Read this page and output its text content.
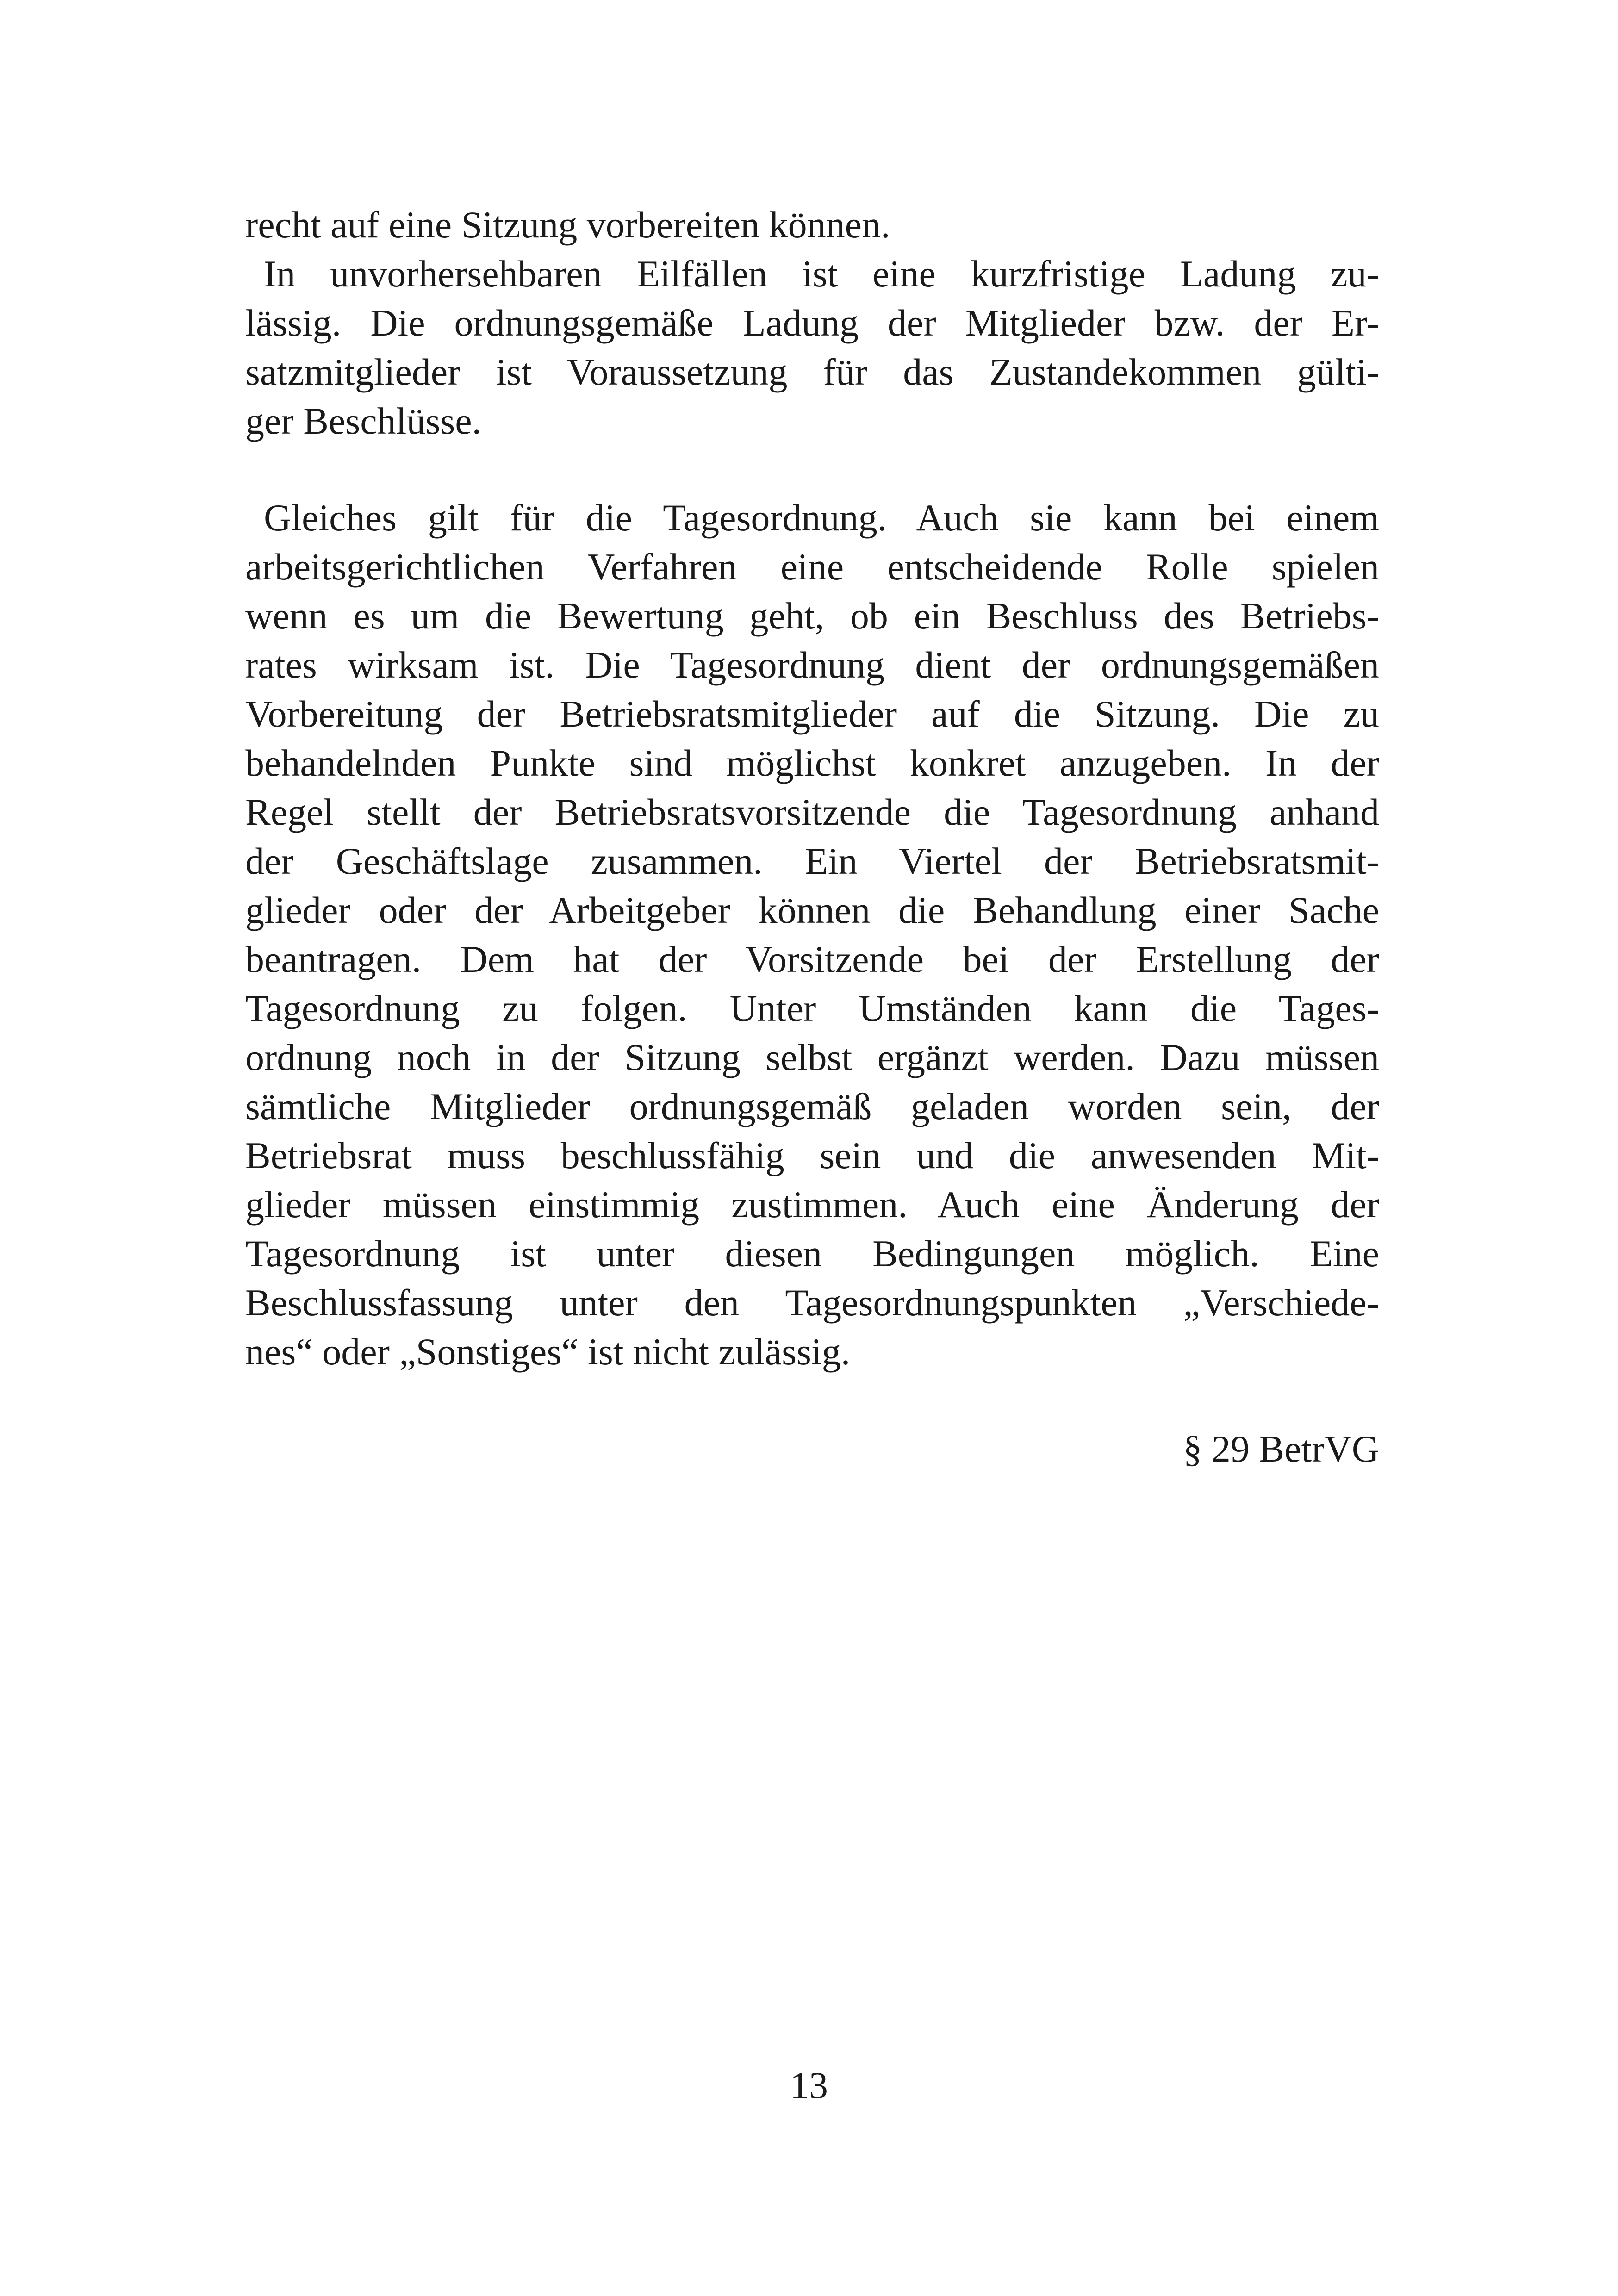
recht auf eine Sitzung vorbereiten können.

In unvorhersehbaren Eilfällen ist eine kurzfristige Ladung zu-
lässig. Die ordnungsgemäße Ladung der Mitglieder bzw. der Er-
satzmitglieder ist Voraussetzung für das Zustandekommen gülti-
ger Beschlüsse.

Gleiches gilt für die Tagesordnung. Auch sie kann bei einem
arbeitsgerichtlichen Verfahren eine entscheidende Rolle spielen
wenn es um die Bewertung geht, ob ein Beschluss des Betriebs-
rates wirksam ist. Die Tagesordnung dient der ordnungsgemäßen
Vorbereitung der Betriebsratsmitglieder auf die Sitzung. Die zu
behandelnden Punkte sind möglichst konkret anzugeben. In der
Regel stellt der Betriebsratsvorsitzende die Tagesordnung anhand
der Geschäftslage zusammen. Ein Viertel der Betriebsratsmit-
glieder oder der Arbeitgeber können die Behandlung einer Sache
beantragen. Dem hat der Vorsitzende bei der Erstellung der
Tagesordnung zu folgen. Unter Umständen kann die Tages-
ordnung noch in der Sitzung selbst ergänzt werden. Dazu müssen
sämtliche Mitglieder ordnungsgemäß geladen worden sein, der
Betriebsrat muss beschlussfähig sein und die anwesenden Mit-
glieder müssen einstimmig zustimmen. Auch eine Änderung der
Tagesordnung ist unter diesen Bedingungen möglich. Eine
Beschlussfassung unter den Tagesordnungspunkten „Verschiede-
nes“ oder „Sonstiges“ ist nicht zulässig.

§ 29 BetrVG
13
